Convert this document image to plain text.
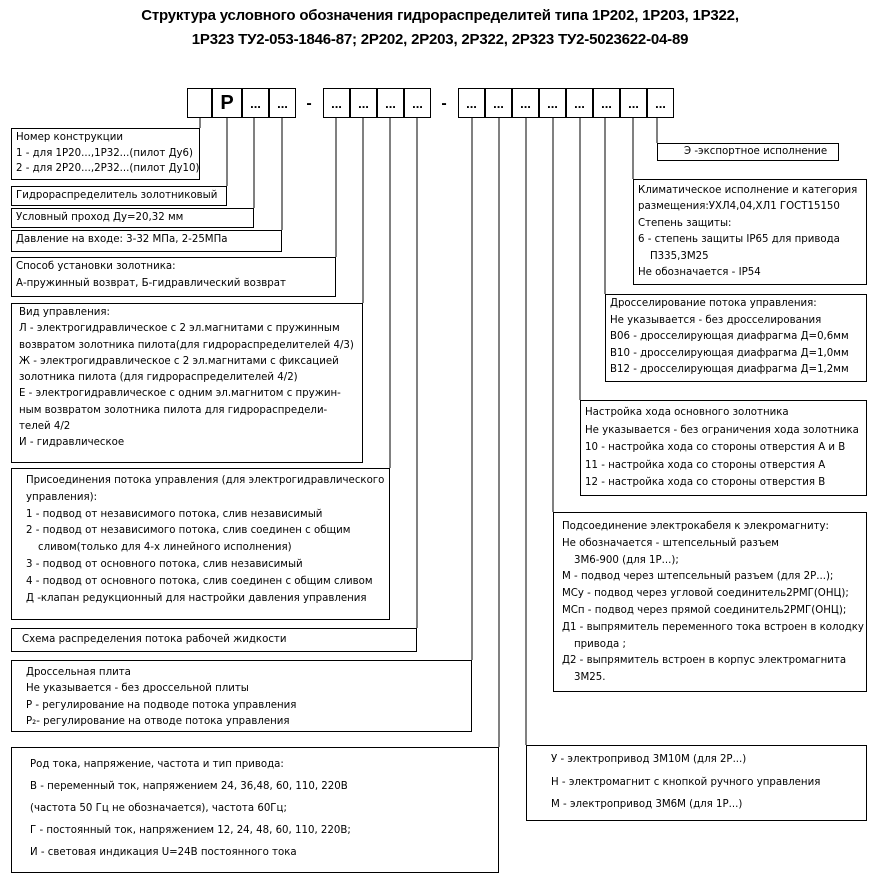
Структура условного обозначения гидрораспределитей типа 1Р202, 1Р203, 1Р322,
1Р323 ТУ2-053-1846-87; 2Р202, 2Р203, 2Р322, 2Р323 ТУ2-5023622-04-89
Р	...	...	-	...	...	...	...	-	...	...	...	...	...	...	...	...
Номер конструкции
1 - для 1Р20...,1Р32...(пилот Ду6)
2 - для 2Р20...,2Р32...(пилот Ду10)
Гидрораспределитель золотниковый
Условный проход Ду=20,32 мм
Давление на входе: 3-32 МПа, 2-25МПа
Способ установки золотника:
А-пружинный возврат, Б-гидравлический возврат
Вид управления:
Л - электрогидравлическое с 2 эл.магнитами с пружинным
возвратом золотника пилота(для гидрораспределителей 4/3)
Ж - электрогидравлическое с 2 эл.магнитами с фиксацией
золотника пилота (для гидрораспределителей 4/2)
Е - электрогидравлическое с одним эл.магнитом с пружин-
ным возвратом золотника пилота для гидрораспредели-
телей 4/2
И - гидравлическое
Присоединения потока управления (для электрогидравлического
управления):
1 - подвод от независимого потока, слив независимый
2 - подвод от независимого потока, слив соединен с общим
сливом(только для 4-х линейного исполнения)
3 - подвод от основного потока, слив независимый
4 - подвод от основного потока, слив соединен с общим сливом
Д -клапан редукционный для настройки давления управления
Схема распределения потока рабочей жидкости
Дроссельная плита
Не указывается - без дроссельной плиты
Р - регулирование на подводе потока управления
Р₂- регулирование на отводе потока управления
Род тока, напряжение, частота и тип привода:
В - переменный ток, напряжением 24, 36,48, 60, 110, 220В
(частота 50 Гц не обозначается), частота 60Гц;
Г - постоянный ток, напряжением 12, 24, 48, 60, 110, 220В;
И - световая индикация U=24В постоянного тока
Э -экспортное исполнение
Климатическое исполнение и категория
размещения:УХЛ4,04,ХЛ1 ГОСТ15150
Степень защиты:
6 - степень защиты IP65 для привода
П335,3М25
Не обозначается - IP54
Дросселирование потока управления:
Не указывается - без дросселирования
В06 - дросселирующая диафрагма Д=0,6мм
В10 - дросселирующая диафрагма Д=1,0мм
В12 - дросселирующая диафрагма Д=1,2мм
Настройка хода основного золотника
Не указывается - без ограничения хода золотника
10 - настройка хода со стороны отверстия А и В
11 - настройка хода со стороны отверстия А
12 - настройка хода со стороны отверстия В
Подсоединение электрокабеля к элекромагниту:
Не обозначается - штепсельный разъем
3М6-900 (для 1Р...);
М - подвод через штепсельный разъем (для 2Р...);
МСу - подвод через угловой соединитель2РМГ(ОНЦ);
МСп - подвод через прямой соединитель2РМГ(ОНЦ);
Д1 - выпрямитель переменного тока встроен в колодку
привода ;
Д2 - выпрямитель встроен в корпус электромагнита
3М25.
У - электропривод 3М10М (для 2Р...)
Н - электромагнит с кнопкой ручного управления
М - электропривод 3М6М (для 1Р...)
